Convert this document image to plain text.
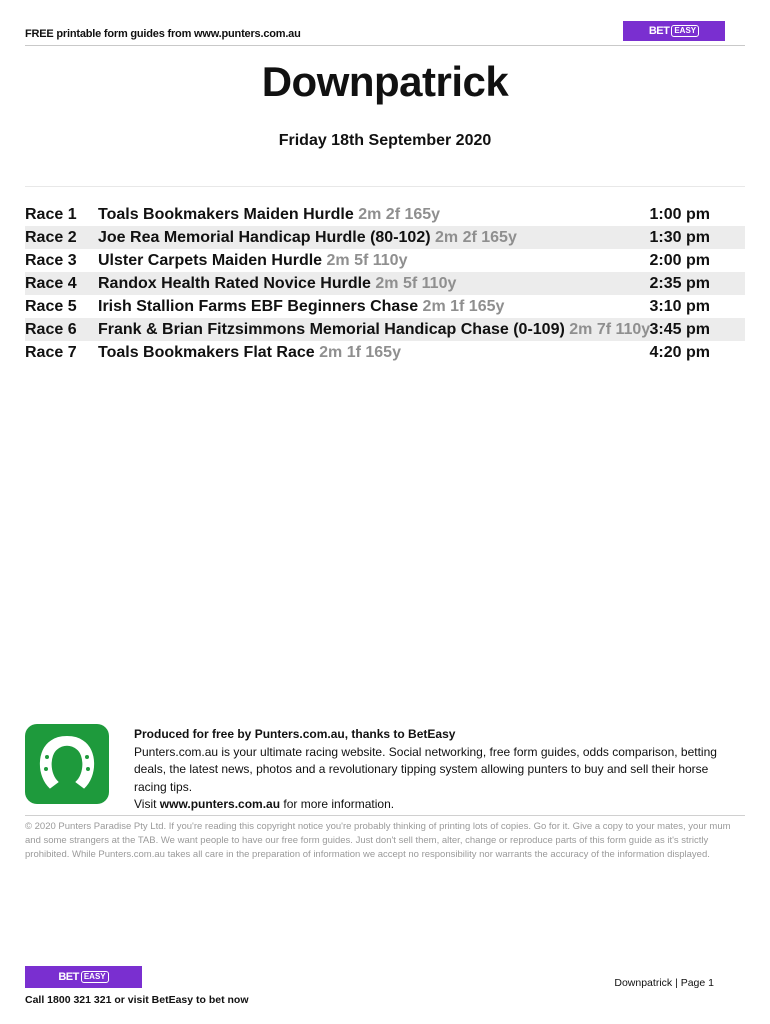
FREE printable form guides from www.punters.com.au	BET EASY
Downpatrick
Friday 18th September 2020
Race 1 Toals Bookmakers Maiden Hurdle 2m 2f 165y	1:00 pm
Race 2 Joe Rea Memorial Handicap Hurdle (80-102) 2m 2f 165y	1:30 pm
Race 3 Ulster Carpets Maiden Hurdle 2m 5f 110y	2:00 pm
Race 4 Randox Health Rated Novice Hurdle 2m 5f 110y	2:35 pm
Race 5 Irish Stallion Farms EBF Beginners Chase 2m 1f 165y	3:10 pm
Race 6 Frank & Brian Fitzsimmons Memorial Handicap Chase (0-109) 2m 7f 110y 3:45 pm
Race 7 Toals Bookmakers Flat Race 2m 1f 165y	4:20 pm
Produced for free by Punters.com.au, thanks to BetEasy
Punters.com.au is your ultimate racing website. Social networking, free form guides, odds comparison, betting deals, the latest news, photos and a revolutionary tipping system allowing punters to buy and sell their horse racing tips.
Visit www.punters.com.au for more information.
© 2020 Punters Paradise Pty Ltd. If you're reading this copyright notice you're probably thinking of printing lots of copies. Go for it. Give a copy to your mates, your mum and some strangers at the TAB. We want people to have our free form guides. Just don't sell them, alter, change or reproduce parts of this form guide as it's strictly prohibited. While Punters.com.au takes all care in the preparation of information we accept no responsibility nor warrants the accuracy of the information displayed.
BET EASY
Call 1800 321 321 or visit BetEasy to bet now
Downpatrick | Page 1
